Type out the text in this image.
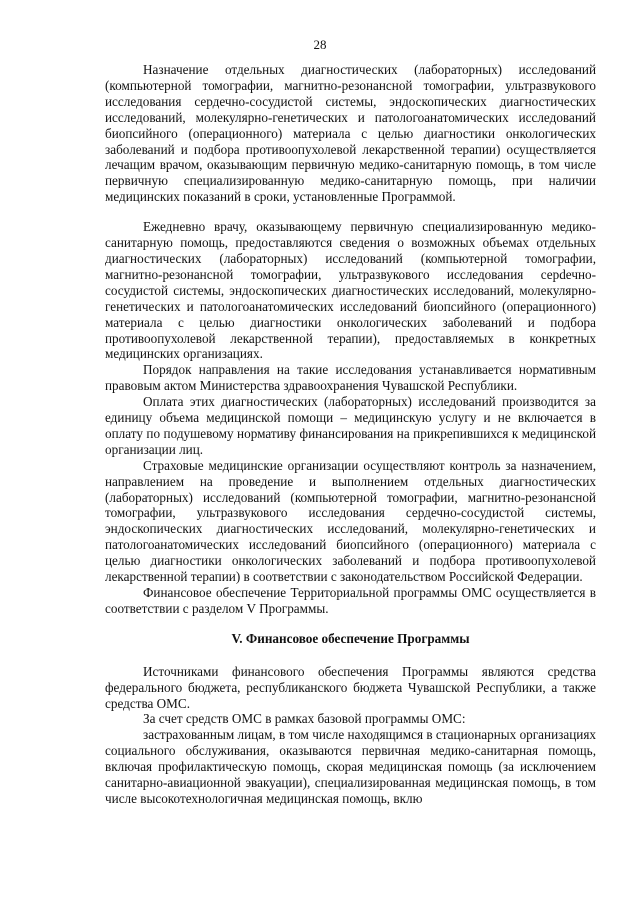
28

Назначение отдельных диагностических (лабораторных) исследований (компьютерной томографии, магнитно-резонансной томографии, ультразвукового исследования сердечно-сосудистой системы, эндоскопических диагностических исследований, молекулярно-генетических и патологоанатомических исследований биопсийного (операционного) материала с целью диагностики онкологических заболеваний и подбора противоопухолевой лекарственной терапии) осуществляется лечащим врачом, оказывающим первичную медико-санитарную помощь, в том числе первичную специализированную медико-санитарную помощь, при наличии медицинских показаний в сроки, установленные Программой.

Ежедневно врачу, оказывающему первичную специализированную медико-санитарную помощь, предоставляются сведения о возможных объемах отдельных диагностических (лабораторных) исследований (компьютерной томографии, магнитно-резонансной томографии, ультразвукового исследования серdечно-сосудистой системы, эндоскопических диагностических исследований, молекулярно-генетических и патологоанатомических исследований биопсийного (операционного) материала с целью диагностики онкологических заболеваний и подбора противоопухолевой лекарственной терапии), предоставляемых в конкретных медицинских организациях.

Порядок направления на такие исследования устанавливается нормативным правовым актом Министерства здравоохранения Чувашской Республики.

Оплата этих диагностических (лабораторных) исследований производится за единицу объема медицинской помощи – медицинскую услугу и не включается в оплату по подушевому нормативу финансирования на прикрепившихся к медицинской организации лиц.

Страховые медицинские организации осуществляют контроль за назначением, направлением на проведение и выполнением отдельных диагностических (лабораторных) исследований (компьютерной томографии, магнитно-резонансной томографии, ультразвукового исследования сердечно-сосудистой системы, эндоскопических диагностических исследований, молекулярно-генетических и патологоанатомических исследований биопсийного (операционного) материала с целью диагностики онкологических заболеваний и подбора противоопухолевой лекарственной терапии) в соответствии с законодательством Российской Федерации.

Финансовое обеспечение Территориальной программы ОМС осуществляется в соответствии с разделом V Программы.

V. Финансовое обеспечение Программы

Источниками финансового обеспечения Программы являются средства федерального бюджета, республиканского бюджета Чувашской Республики, а также средства ОМС.

За счет средств ОМС в рамках базовой программы ОМС:

застрахованным лицам, в том числе находящимся в стационарных организациях социального обслуживания, оказываются первичная медико-санитарная помощь, включая профилактическую помощь, скорая медицинская помощь (за исключением санитарно-авиационной эвакуации), специализированная медицинская помощь, в том числе высокотехнологичная медицинская помощь, вклю
